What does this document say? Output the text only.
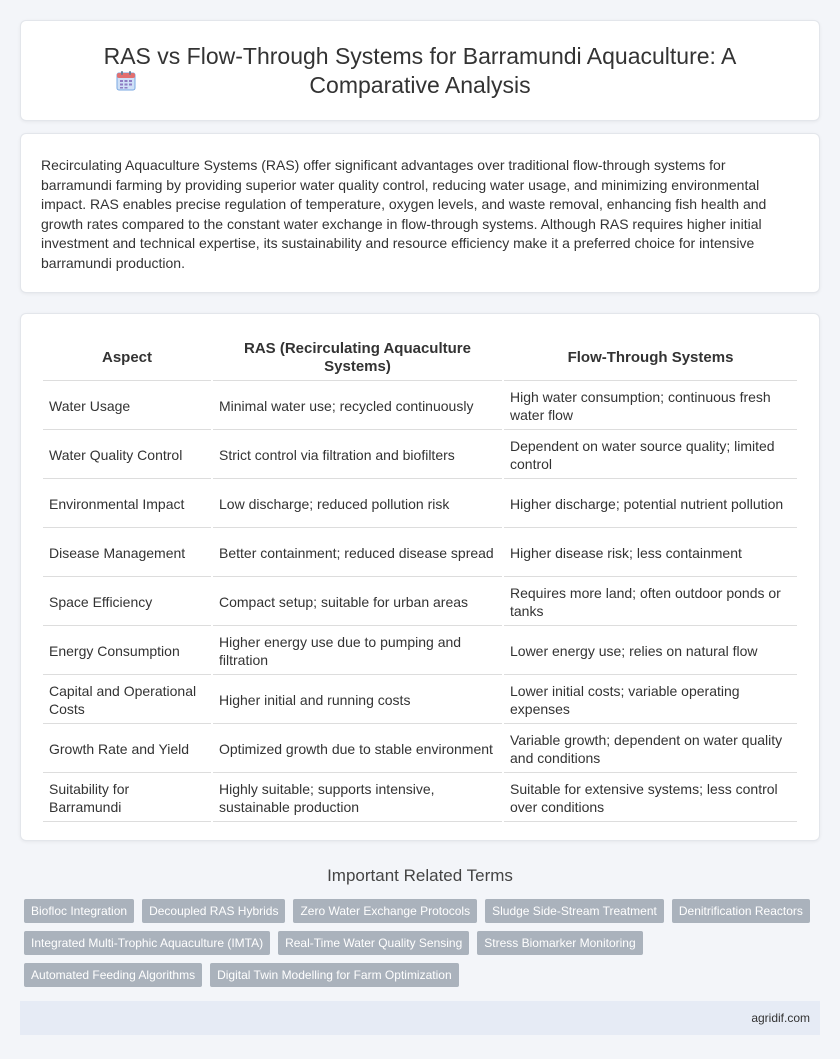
RAS vs Flow-Through Systems for Barramundi Aquaculture: A Comparative Analysis

Recirculating Aquaculture Systems (RAS) offer significant advantages over traditional flow-through systems for barramundi farming by providing superior water quality control, reducing water usage, and minimizing environmental impact. RAS enables precise regulation of temperature, oxygen levels, and waste removal, enhancing fish health and growth rates compared to the constant water exchange in flow-through systems. Although RAS requires higher initial investment and technical expertise, its sustainability and resource efficiency make it a preferred choice for intensive barramundi production.

Aspect	RAS (Recirculating Aquaculture Systems)	Flow-Through Systems
Water Usage	Minimal water use; recycled continuously	High water consumption; continuous fresh water flow
Water Quality Control	Strict control via filtration and biofilters	Dependent on water source quality; limited control
Environmental Impact	Low discharge; reduced pollution risk	Higher discharge; potential nutrient pollution
Disease Management	Better containment; reduced disease spread	Higher disease risk; less containment
Space Efficiency	Compact setup; suitable for urban areas	Requires more land; often outdoor ponds or tanks
Energy Consumption	Higher energy use due to pumping and filtration	Lower energy use; relies on natural flow
Capital and Operational Costs	Higher initial and running costs	Lower initial costs; variable operating expenses
Growth Rate and Yield	Optimized growth due to stable environment	Variable growth; dependent on water quality and conditions
Suitability for Barramundi	Highly suitable; supports intensive, sustainable production	Suitable for extensive systems; less control over conditions
Important Related Terms
Biofloc Integration	Decoupled RAS Hybrids	Zero Water Exchange Protocols	Sludge Side-Stream Treatment	Denitrification Reactors
Integrated Multi-Trophic Aquaculture (IMTA)	Real-Time Water Quality Sensing	Stress Biomarker Monitoring
Automated Feeding Algorithms	Digital Twin Modelling for Farm Optimization
agridif.com
